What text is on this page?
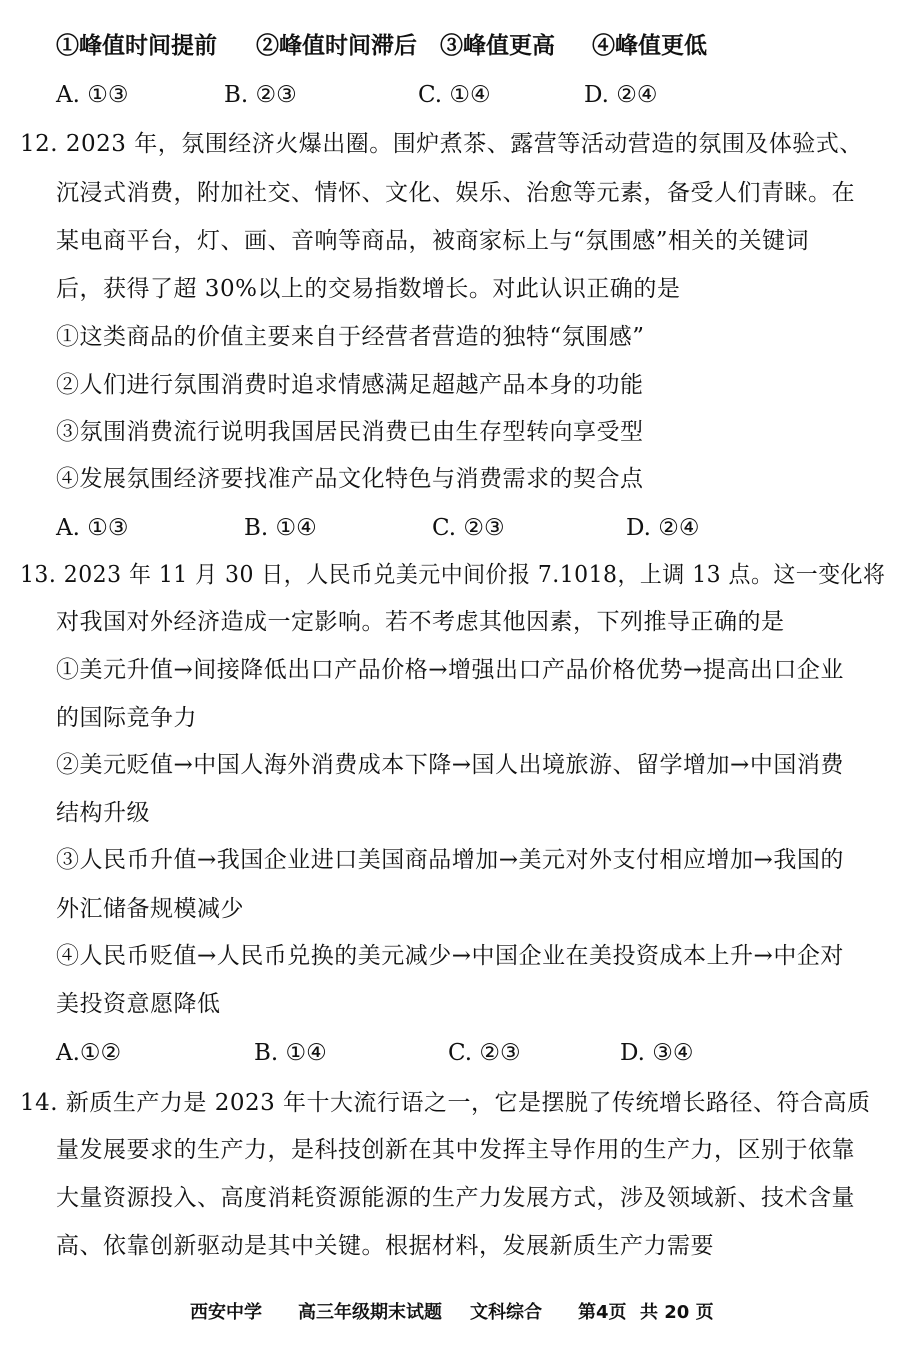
①峰值时间提前 ②峰值时间滞后 ③峰值更高 ④峰值更低
A. ①③	B. ②③	C. ①④	D. ②④
12. 2023 年，氛围经济火爆出圈。围炉煮茶、露营等活动营造的氛围及体验式、
沉浸式消费，附加社交、情怀、文化、娱乐、治愈等元素，备受人们青睐。在
某电商平台，灯、画、音响等商品，被商家标上与“氛围感”相关的关键词
后，获得了超 30%以上的交易指数增长。对此认识正确的是
①这类商品的价值主要来自于经营者营造的独特“氛围感”
②人们进行氛围消费时追求情感满足超越产品本身的功能
③氛围消费流行说明我国居民消费已由生存型转向享受型
④发展氛围经济要找准产品文化特色与消费需求的契合点
A. ①③	B. ①④	C. ②③	D. ②④
13. 2023 年 11 月 30 日，人民币兑美元中间价报 7.1018，上调 13 点。这一变化将
对我国对外经济造成一定影响。若不考虑其他因素，下列推导正确的是
①美元升值→间接降低出口产品价格→增强出口产品价格优势→提高出口企业
的国际竞争力
②美元贬值→中国人海外消费成本下降→国人出境旅游、留学增加→中国消费
结构升级
③人民币升值→我国企业进口美国商品增加→美元对外支付相应增加→我国的
外汇储备规模减少
④人民币贬值→人民币兑换的美元减少→中国企业在美投资成本上升→中企对
美投资意愿降低
A.①②	B. ①④	C. ②③	D. ③④
14. 新质生产力是 2023 年十大流行语之一，它是摆脱了传统增长路径、符合高质
量发展要求的生产力，是科技创新在其中发挥主导作用的生产力，区别于依靠
大量资源投入、高度消耗资源能源的生产力发展方式，涉及领域新、技术含量
高、依靠创新驱动是其中关键。根据材料，发展新质生产力需要
西安中学 高三年级期末试题 文科综合 第4页 共 20 页
